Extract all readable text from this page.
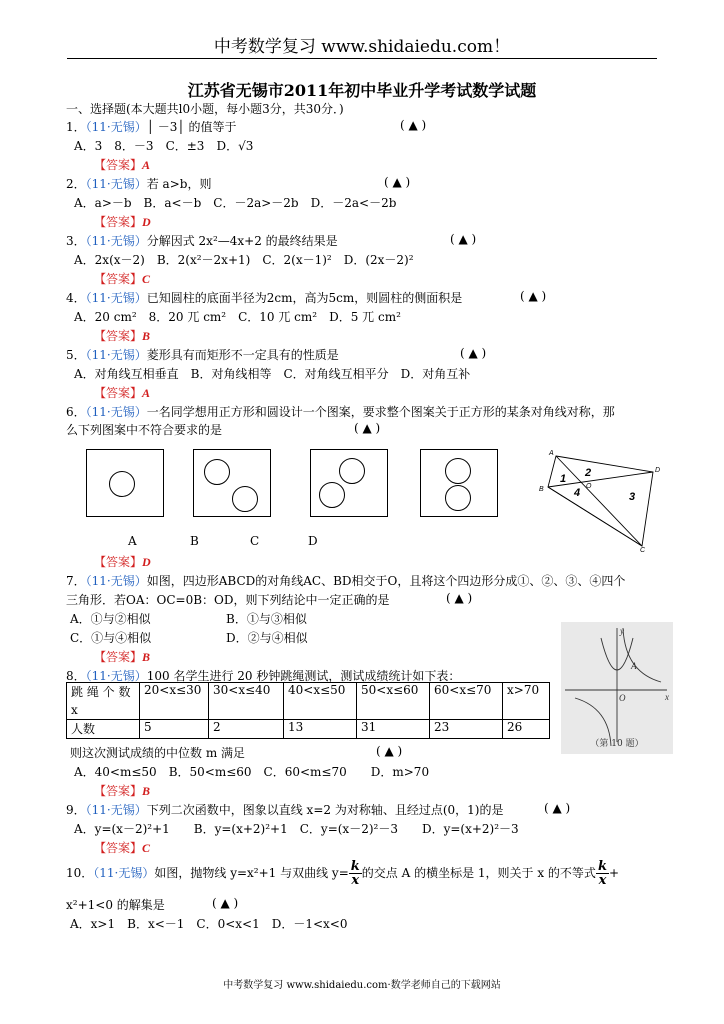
中考数学复习 www.shidaiedu.com！
江苏省无锡市2011年初中毕业升学考试数学试题
一、选择题(本大题共l0小题，每小题3分，共30分．)
1．（11·无锡）│ －3│ 的值等于	( ▲ )
A．3　8．－3　C．±3　D．√3
【答案】A
2．（11·无锡）若 a>b，则	( ▲ )
A．a>－b　B．a<－b　C．－2a>－2b　D．－2a<－2b
【答案】D
3．（11·无锡）分解因式 2x²—4x+2 的最终结果是	( ▲ )
A．2x(x－2)　B．2(x²－2x+1)　C．2(x－1)²　D．(2x－2)²
【答案】C
4．（11·无锡）已知圆柱的底面半径为2cm，高为5cm，则圆柱的侧面积是	( ▲ )
A．20 cm²　8．20 兀 cm²　C．10 兀 cm²　D．5 兀 cm²
【答案】B
5．（11·无锡）菱形具有而矩形不一定具有的性质是	( ▲ )
A．对角线互相垂直　B．对角线相等　C．对角线互相平分　D．对角互补
【答案】A
6．（11·无锡）一名同学想用正方形和圆设计一个图案，要求整个图案关于正方形的某条对角线对称，那
么下列图案中不符合要求的是	( ▲ )
A	B	C	D
【答案】D
A
B
C
D
O
1 2
3
4
7．（11·无锡）如图，四边形ABCD的对角线AC、BD相交于O，且将这个四边形分成①、②、③、④四个
三角形．若OA：OC=0B：OD，则下列结论中一定正确的是	( ▲ )
A．①与②相似	B．①与③相似
C．①与④相似	D．②与④相似
【答案】B
y
x
O
A
（第 10 题）
8．（11·无锡）100 名学生进行 20 秒钟跳绳测试，测试成绩统计如下表：
跳 绳 个 数 x	20<x≤30	30<x≤40	40<x≤50	50<x≤60	60<x≤70	x>70
人数	5	2	13	31	23	26
则这次测试成绩的中位数 m 满足	( ▲ )
A．40<m≤50　B．50<m≤60　C．60<m≤70　　D．m>70
【答案】B
9．（11·无锡）下列二次函数中，图象以直线 x=2 为对称轴、且经过点(0，1)的是	( ▲ )
A．y=(x－2)²+1　　B．y=(x+2)²+1　C．y=(x－2)²－3　　D．y=(x+2)²－3
【答案】C
10．（11·无锡）如图，抛物线 y=x²+1 与双曲线 $y= \frac{k}{x}$的交点 A 的横坐标是 1，则关于 x 的不等式 $\frac{k}{x}+$
x²+1<0 的解集是	( ▲ )
A．x>1　B．x<－1　C．0<x<1　D．－1<x<0
中考数学复习 www.shidaiedu.com·数学老师自己的下载网站
